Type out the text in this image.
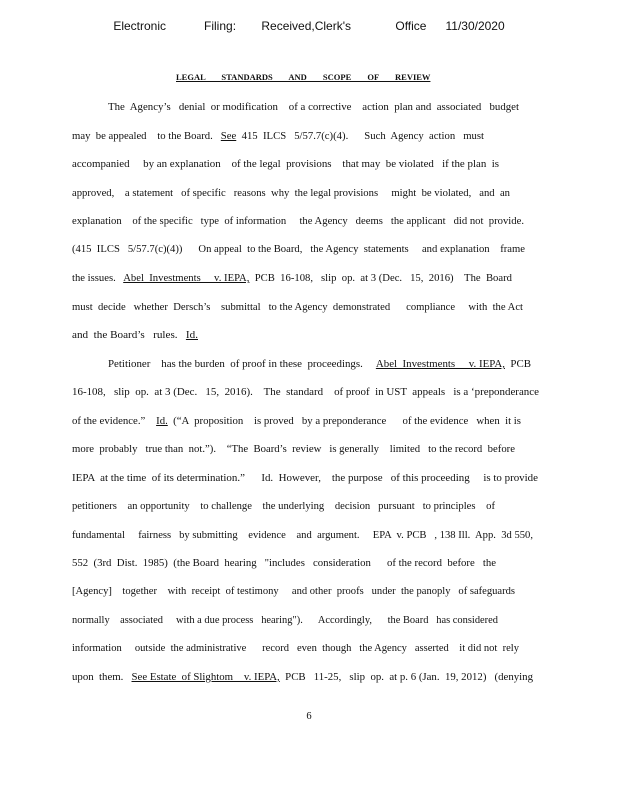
Electronic      Filing:    Received,Clerk's       Office   11/30/2020
LEGAL STANDARDS AND SCOPE OF REVIEW
The  Agency’s   denial  or modification    of a corrective    action  plan and  associated   budget
may  be appealed    to the Board.   See  415  ILCS   5/57.7(c)(4).      Such  Agency  action   must
accompanied     by an explanation    of the legal  provisions    that may  be violated   if the plan  is
approved,    a statement   of specific   reasons  why  the legal provisions     might  be violated,   and  an
explanation    of the specific   type  of information     the Agency   deems   the applicant   did not  provide.
(415  ILCS   5/57.7(c)(4))      On appeal  to the Board,   the Agency  statements     and explanation    frame
the issues.   Abel  Investments     v. IEPA,  PCB  16-108,   slip  op.  at 3 (Dec.   15,  2016)    The  Board
must  decide   whether  Dersch’s    submittal   to the Agency  demonstrated      compliance     with  the Act
and  the Board’s   rules.   Id.
Petitioner    has the burden  of proof in these  proceedings.     Abel  Investments     v. IEPA,  PCB
16-108,   slip  op.  at 3 (Dec.   15,  2016).    The  standard    of proof  in UST  appeals   is a ‘preponderance
of the evidence.”    Id.  (“A  proposition    is proved   by a preponderance      of the evidence   when  it is
more  probably   true than  not.”).    “The  Board’s  review   is generally    limited   to the record  before
IEPA  at the time  of its determination.”      Id.  However,    the purpose   of this proceeding     is to provide
petitioners    an opportunity    to challenge    the underlying    decision   pursuant   to principles    of
fundamental     fairness   by submitting    evidence    and  argument.     EPA  v. PCB   , 138 Ill.  App.  3d 550,
552  (3rd  Dist.  1985)  (the Board  hearing   "includes   consideration      of the record  before   the
[Agency]    together    with  receipt  of testimony     and other  proofs   under  the panoply   of safeguards
normally    associated     with a due process   hearing").      Accordingly,      the Board   has considered
information     outside  the administrative      record   even  though   the Agency   asserted    it did not  rely
upon  them.   See Estate  of Slightom    v. IEPA,  PCB   11-25,   slip  op.  at p. 6 (Jan.  19, 2012)   (denying
6
